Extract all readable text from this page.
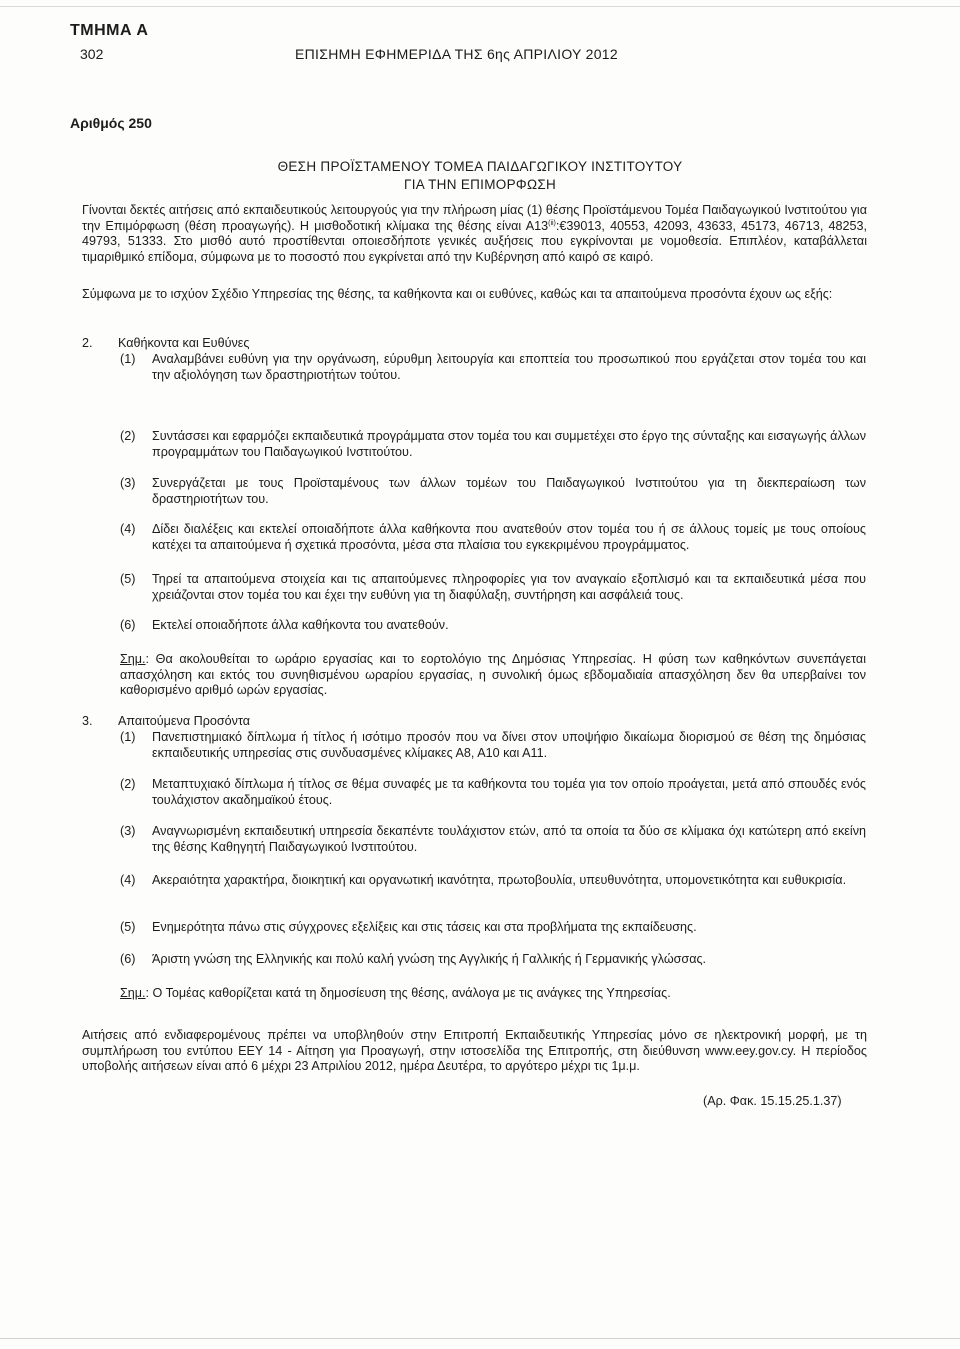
ΤΜΗΜΑ Α
302	ΕΠΙΣΗΜΗ ΕΦΗΜΕΡΙΔΑ ΤΗΣ 6ης ΑΠΡΙΛΙΟΥ 2012
Αριθμός 250
ΘΕΣΗ ΠΡΟΪΣΤΑΜΕΝΟΥ ΤΟΜΕΑ ΠΑΙΔΑΓΩΓΙΚΟΥ ΙΝΣΤΙΤΟΥΤΟΥ
ΓΙΑ ΤΗΝ ΕΠΙΜΟΡΦΩΣΗ
Γίνονται δεκτές αιτήσεις από εκπαιδευτικούς λειτουργούς για την πλήρωση μίας (1) θέσης Προϊστάμενου Τομέα Παιδαγωγικού Ινστιτούτου για την Επιμόρφωση (θέση προαγωγής). Η μισθοδοτική κλίμακα της θέσης είναι Α13$^{(ii)}$:€39013, 40553, 42093, 43633, 45173, 46713, 48253, 49793, 51333. Στο μισθό αυτό προστίθενται οποιεσδήποτε γενικές αυξήσεις που εγκρίνονται με νομοθεσία. Επιπλέον, καταβάλλεται τιμαριθμικό επίδομα, σύμφωνα με το ποσοστό που εγκρίνεται από την Κυβέρνηση από καιρό σε καιρό.
Σύμφωνα με το ισχύον Σχέδιο Υπηρεσίας της θέσης, τα καθήκοντα και οι ευθύνες, καθώς και τα απαιτούμενα προσόντα έχουν ως εξής:
2. Καθήκοντα και Ευθύνες
(1) Αναλαμβάνει ευθύνη για την οργάνωση, εύρυθμη λειτουργία και εποπτεία του προσωπικού που εργάζεται στον τομέα του και την αξιολόγηση των δραστηριοτήτων τούτου.
(2) Συντάσσει και εφαρμόζει εκπαιδευτικά προγράμματα στον τομέα του και συμμετέχει στο έργο της σύνταξης και εισαγωγής άλλων προγραμμάτων του Παιδαγωγικού Ινστιτούτου.
(3) Συνεργάζεται με τους Προϊσταμένους των άλλων τομέων του Παιδαγωγικού Ινστιτούτου για τη διεκπεραίωση των δραστηριοτήτων του.
(4) Δίδει διαλέξεις και εκτελεί οποιαδήποτε άλλα καθήκοντα που ανατεθούν στον τομέα του ή σε άλλους τομείς με τους οποίους κατέχει τα απαιτούμενα ή σχετικά προσόντα, μέσα στα πλαίσια του εγκεκριμένου προγράμματος.
(5) Τηρεί τα απαιτούμενα στοιχεία και τις απαιτούμενες πληροφορίες για τον αναγκαίο εξοπλισμό και τα εκπαιδευτικά μέσα που χρειάζονται στον τομέα του και έχει την ευθύνη για τη διαφύλαξη, συντήρηση και ασφάλειά τους.
(6) Εκτελεί οποιαδήποτε άλλα καθήκοντα του ανατεθούν.
Σημ.: Θα ακολουθείται το ωράριο εργασίας και το εορτολόγιο της Δημόσιας Υπηρεσίας. Η φύση των καθηκόντων συνεπάγεται απασχόληση και εκτός του συνηθισμένου ωραρίου εργασίας, η συνολική όμως εβδομαδιαία απασχόληση δεν θα υπερβαίνει τον καθορισμένο αριθμό ωρών εργασίας.
3. Απαιτούμενα Προσόντα
(1) Πανεπιστημιακό δίπλωμα ή τίτλος ή ισότιμο προσόν που να δίνει στον υποψήφιο δικαίωμα διορισμού σε θέση της δημόσιας εκπαιδευτικής υπηρεσίας στις συνδυασμένες κλίμακες Α8, Α10 και Α11.
(2) Μεταπτυχιακό δίπλωμα ή τίτλος σε θέμα συναφές με τα καθήκοντα του τομέα για τον οποίο προάγεται, μετά από σπουδές ενός τουλάχιστον ακαδημαϊκού έτους.
(3) Αναγνωρισμένη εκπαιδευτική υπηρεσία δεκαπέντε τουλάχιστον ετών, από τα οποία τα δύο σε κλίμακα όχι κατώτερη από εκείνη της θέσης Καθηγητή Παιδαγωγικού Ινστιτούτου.
(4) Ακεραιότητα χαρακτήρα, διοικητική και οργανωτική ικανότητα, πρωτοβουλία, υπευθυνότητα, υπομονετικότητα και ευθυκρισία.
(5) Ενημερότητα πάνω στις σύγχρονες εξελίξεις και στις τάσεις και στα προβλήματα της εκπαίδευσης.
(6) Άριστη γνώση της Ελληνικής και πολύ καλή γνώση της Αγγλικής ή Γαλλικής ή Γερμανικής γλώσσας.
Σημ.: Ο Τομέας καθορίζεται κατά τη δημοσίευση της θέσης, ανάλογα με τις ανάγκες της Υπηρεσίας.
Αιτήσεις από ενδιαφερομένους πρέπει να υποβληθούν στην Επιτροπή Εκπαιδευτικής Υπηρεσίας μόνο σε ηλεκτρονική μορφή, με τη συμπλήρωση του εντύπου ΕΕΥ 14 - Αίτηση για Προαγωγή, στην ιστοσελίδα της Επιτροπής, στη διεύθυνση www.eey.gov.cy. Η περίοδος υποβολής αιτήσεων είναι από 6 μέχρι 23 Απριλίου 2012, ημέρα Δευτέρα, το αργότερο μέχρι τις 1μ.μ.
(Αρ. Φακ. 15.15.25.1.37)
